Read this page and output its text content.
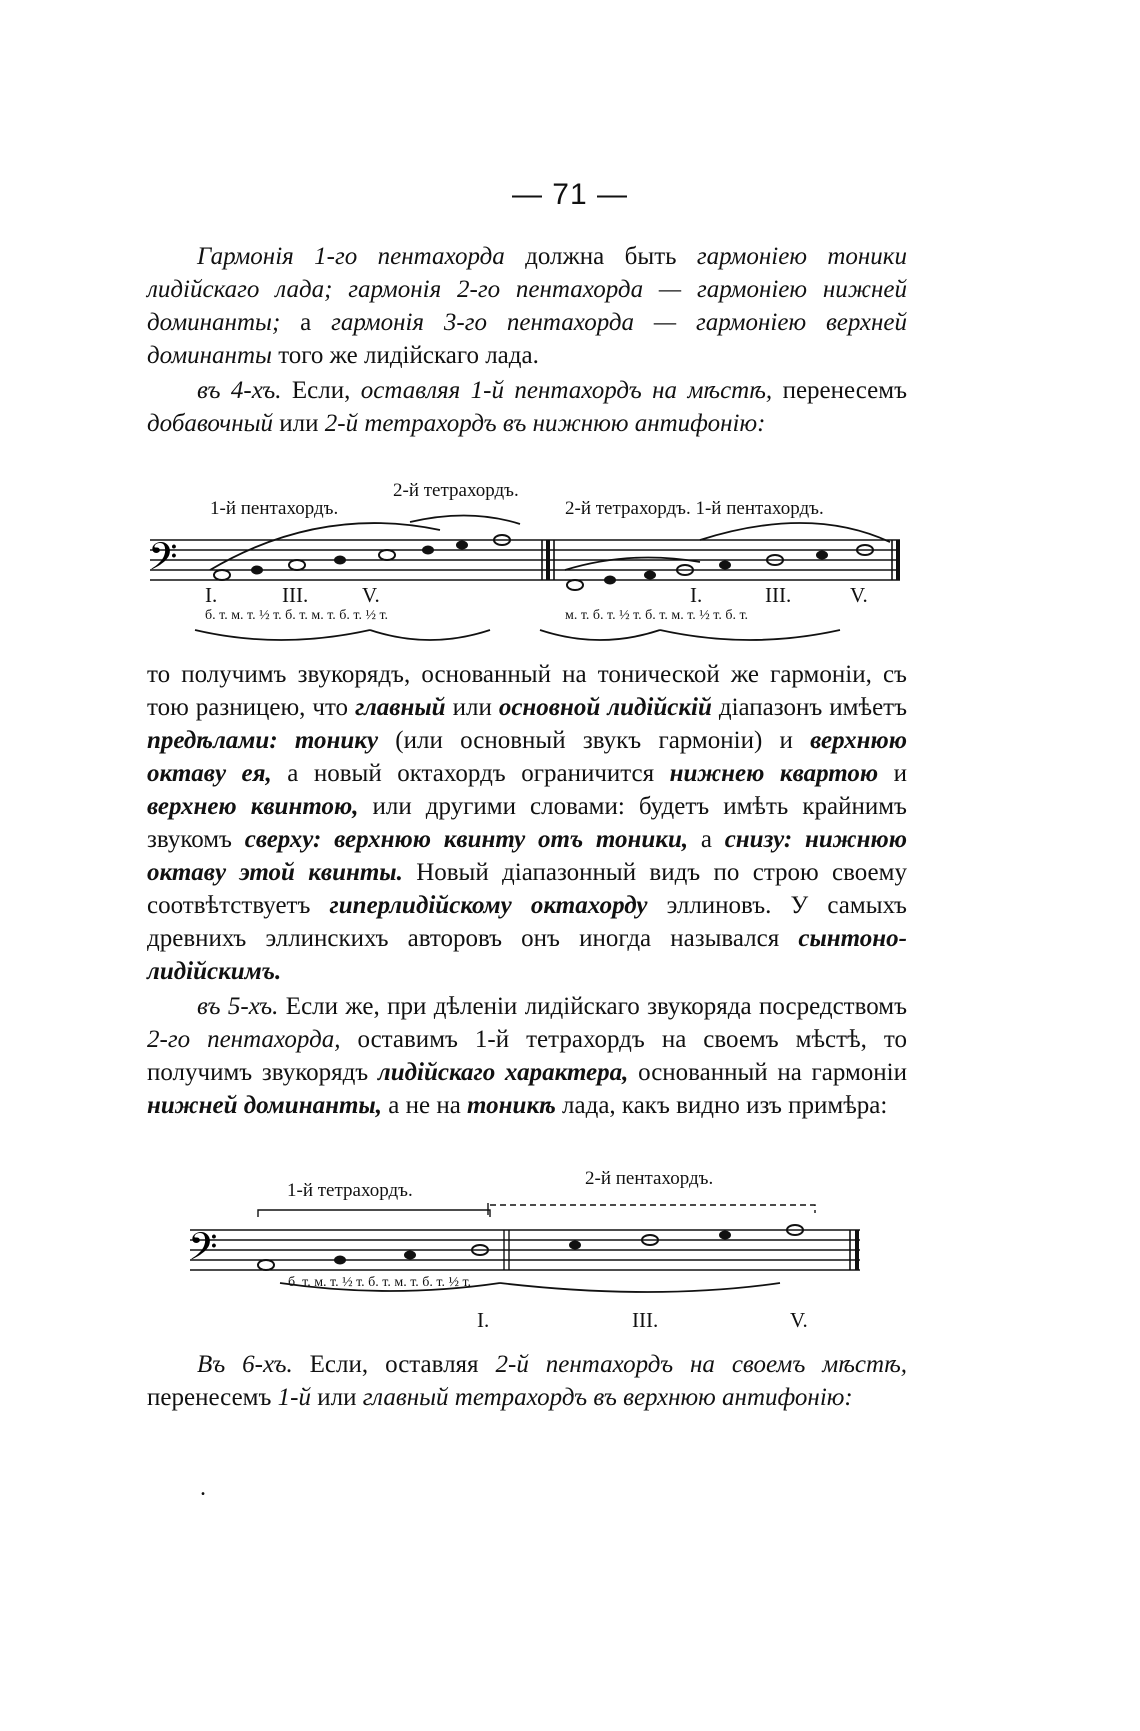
— 71 —

Гармонія 1-го пентахорда должна быть гармоніею тоники лидійскаго лада; гармонія 2-го пентахорда — гармоніею нижней доминанты; а гармонія 3-го пентахорда — гармоніею верхней доминанты того же лидійскаго лада.

въ 4-хъ. Если, оставляя 1-й пентахордъ на мѣстѣ, перенесемъ добавочный или 2-й тетрахордъ въ нижнюю антифонію:

1-й пентахордъ.
2-й тетрахордъ.
2-й тетрахордъ. 1-й пентахордъ.
𝄢
I.	III.	V.	I.	III.	V.
б. т. м. т. ½ т. б. т. м. т. б. т. ½ т.	м. т. б. т. ½ т. б. т. м. т. ½ т. б. т.

то получимъ звукорядъ, основанный на тонической же гармоніи, съ тою разницею, что главный или основной лидійскій діапазонъ имѣетъ предѣлами: тонику (или основный звукъ гармоніи) и верхнюю октаву ея, а новый октахордъ ограничится нижнею квартою и верхнею квинтою, или другими словами: будетъ имѣть крайнимъ звукомъ сверху: верхнюю квинту отъ тоники, а снизу: нижнюю октаву этой квинты. Новый діапазонный видъ по строю своему соотвѣтствуетъ гиперлидійскому октахорду эллиновъ. У самыхъ древнихъ эллинскихъ авторовъ онъ иногда назывался сынтоно-лидійскимъ.

въ 5-хъ. Если же, при дѣленіи лидійскаго звукоряда посредствомъ 2-го пентахорда, оставимъ 1-й тетрахордъ на своемъ мѣстѣ, то получимъ звукорядъ лидійскаго характера, основанный на гармоніи нижней доминанты, а не на тоникѣ лада, какъ видно изъ примѣра:

1-й тетрахордъ.
2-й пентахордъ.
𝄢
б. т. м. т. ½ т. б. т. м. т. б. т. ½ т.
I.	III.	V.

Въ 6-хъ. Если, оставляя 2-й пентахордъ на своемъ мѣстѣ, перенесемъ 1-й или главный тетрахордъ въ верхнюю антифонію:

.
